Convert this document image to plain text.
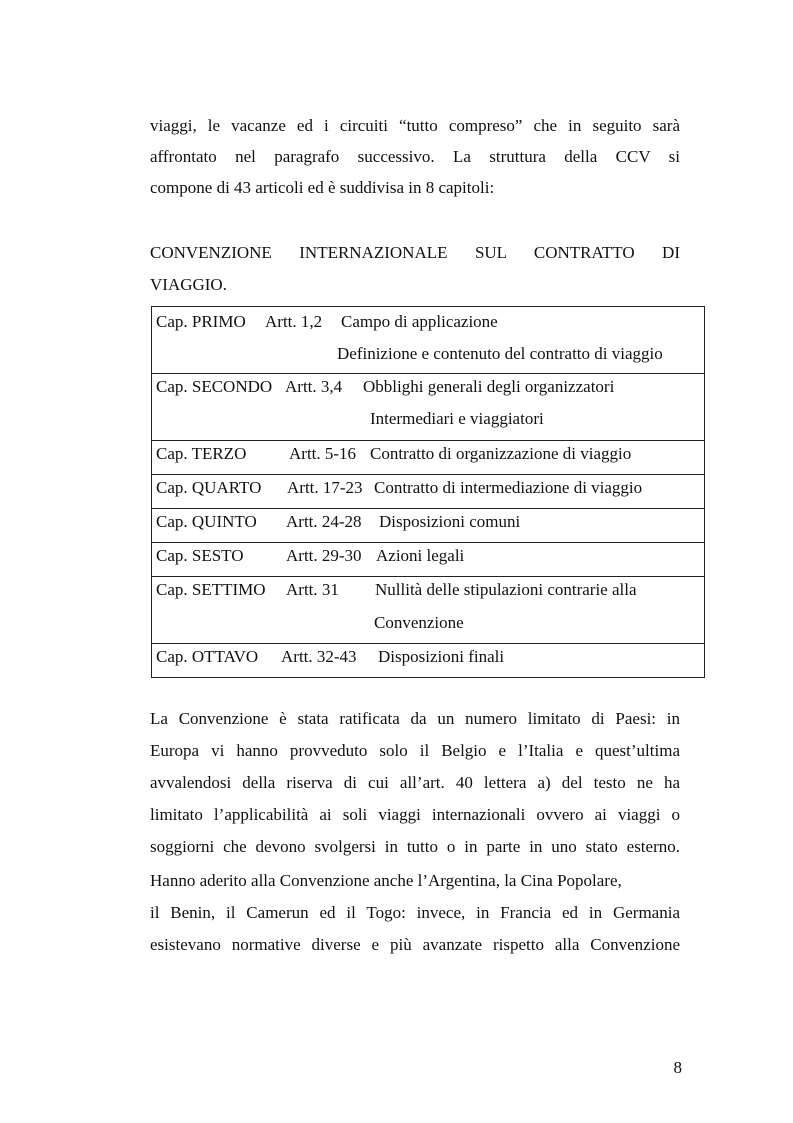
viaggi, le vacanze ed i circuiti “tutto compreso” che in seguito sarà
affrontato nel paragrafo successivo. La struttura della CCV si
compone di 43 articoli ed è suddivisa in 8 capitoli:
CONVENZIONE INTERNAZIONALE SUL CONTRATTO DI
VIAGGIO.
Cap. PRIMO Artt. 1,2 Campo di applicazione
Definizione e contenuto del contratto di viaggio

Cap. SECONDO Artt. 3,4 Obblighi generali degli organizzatori
Intermediari e viaggiatori

Cap. TERZO	Artt. 5-16 Contratto di organizzazione di viaggio

Cap. QUARTO Artt. 17-23 Contratto di intermediazione di viaggio

Cap. QUINTO Artt. 24-28 Disposizioni comuni

Cap. SESTO Artt. 29-30 Azioni legali

Cap. SETTIMO Artt. 31 Nullità delle stipulazioni contrarie alla
Convenzione

Cap. OTTAVO Artt. 32-43 Disposizioni finali
La Convenzione è stata ratificata da un numero limitato di Paesi: in
Europa vi hanno provveduto solo il Belgio e l’Italia e quest’ultima
avvalendosi della riserva di cui all’art. 40 lettera a) del testo ne ha
limitato l’applicabilità ai soli viaggi internazionali ovvero ai viaggi o
soggiorni che devono svolgersi in tutto o in parte in uno stato esterno.
Hanno aderito alla Convenzione anche l’Argentina, la Cina Popolare,
il Benin, il Camerun ed il Togo: invece, in Francia ed in Germania
esistevano normative diverse e più avanzate rispetto alla Convenzione
8
